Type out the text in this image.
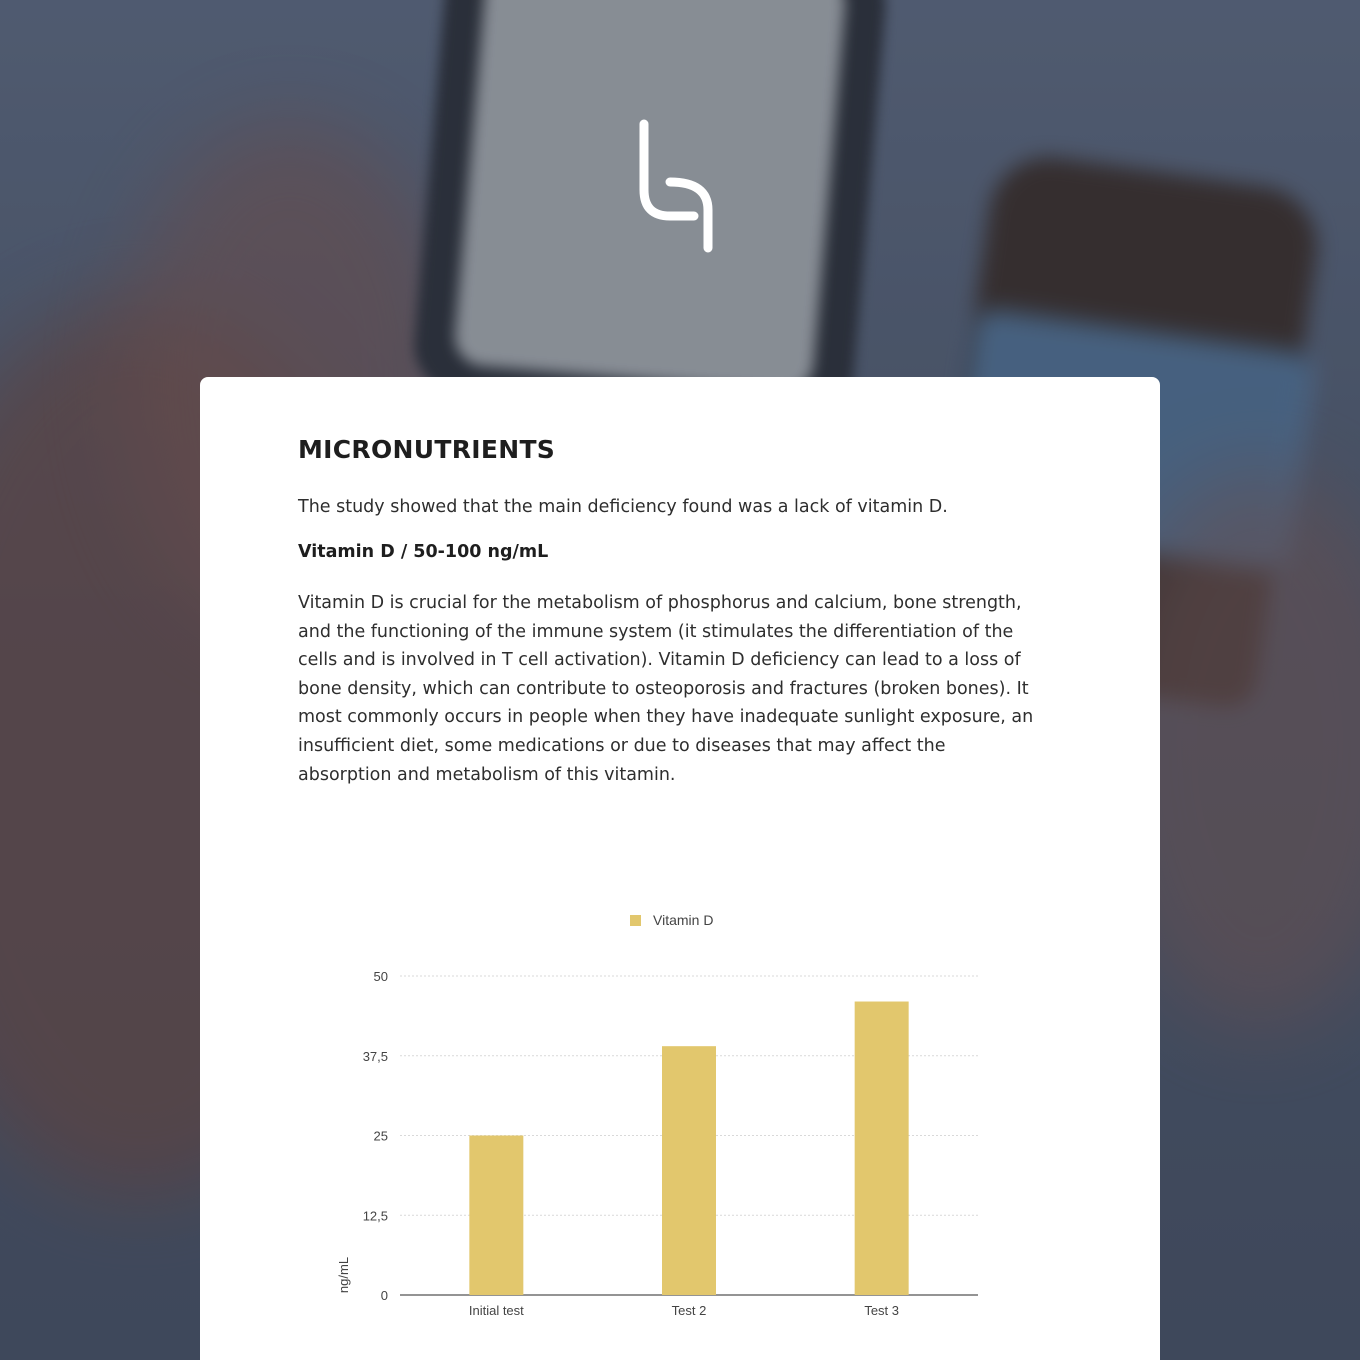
MICRONUTRIENTS

The study showed that the main deficiency found was a lack of vitamin D.

Vitamin D / 50-100 ng/mL

Vitamin D is crucial for the metabolism of phosphorus and calcium, bone strength, and the functioning of the immune system (it stimulates the differentiation of the cells and is involved in T cell activation). Vitamin D deficiency can lead to a loss of bone density, which can contribute to osteoporosis and fractures (broken bones). It most commonly occurs in people when they have inadequate sunlight exposure, an insufficient diet, some medications or due to diseases that may affect the absorption and metabolism of this vitamin.

0
12,5
25
37,5
50
Initial test	Test 2	Test 3
ng/mL
Vitamin D
